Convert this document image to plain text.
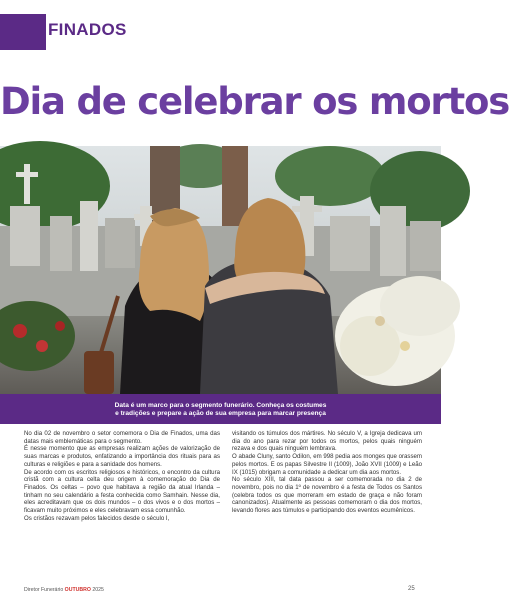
FINADOS
Dia de celebrar os mortos
Data é um marco para o segmento funerário. Conheça os costumes
e tradições e prepare a ação de sua empresa para marcar presença

No dia 02 de novembro o setor comemora o Dia de Finados, uma das datas mais emblemáticas para o segmento.

É nesse momento que as empresas realizam ações de valorização de suas marcas e produtos, enfatizando a importância dos rituais para as culturas e religiões e para a sanidade dos homens.

De acordo com os escritos religiosos e históricos, o encontro da cultura cristã com a cultura celta deu origem à comemoração do Dia de Finados. Os celtas – povo que habitava a região da atual Irlanda – tinham no seu calendário a festa conhecida como Samhain. Nesse dia, eles acreditavam que os dois mundos – o dos vivos e o dos mortos – ficavam muito próximos e eles celebravam essa comunhão.

Os cristãos rezavam pelos falecidos desde o século I,

visitando os túmulos dos mártires. No século V, a Igreja dedicava um dia do ano para rezar por todos os mortos, pelos quais ninguém rezava e dos quais ninguém lembrava.

O abade Cluny, santo Odilon, em 998 pedia aos monges que orassem pelos mortos. E os papas Silvestre II (1009), João XVII (1009) e Leão IX (1015) obrigam a comunidade a dedicar um dia aos mortos.

No século XIII, tal data passou a ser comemorada no dia 2 de novembro, pois no dia 1º de novembro é a festa de Todos os Santos (celebra todos os que morreram em estado de graça e não foram canonizados). Atualmente as pessoas comemoram o dia dos mortos, levando flores aos túmulos e participando dos eventos ecumênicos.

Diretor Funerário OUTUBRO 2025	25
